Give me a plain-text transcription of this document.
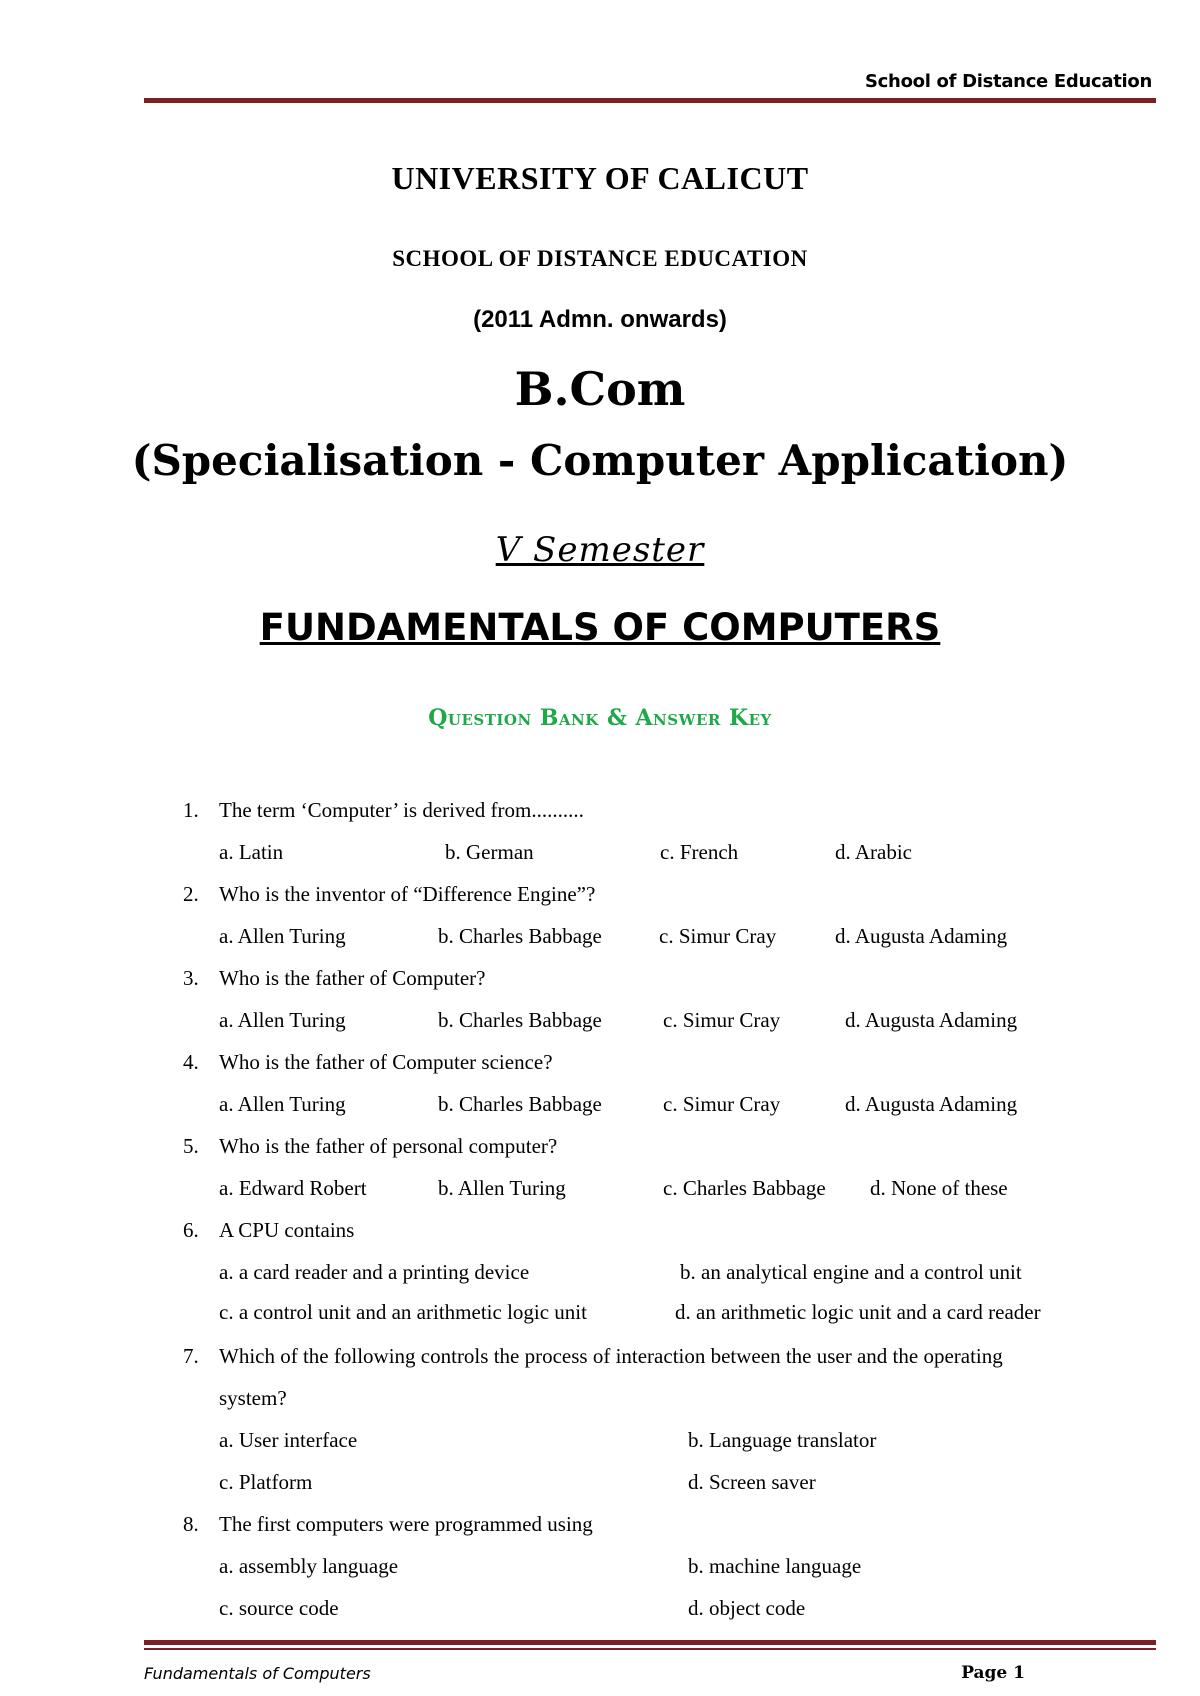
School of Distance Education
UNIVERSITY OF CALICUT
SCHOOL OF DISTANCE EDUCATION
(2011 Admn. onwards)
B.Com
(Specialisation - Computer Application)
V Semester
FUNDAMENTALS OF COMPUTERS
Question Bank & Answer Key
1. The term ‘Computer’ is derived from..........
a. Latin	b. German	c. French	d. Arabic
2. Who is the inventor of “Difference Engine”?
a. Allen Turing	b. Charles Babbage	c. Simur Cray	d. Augusta Adaming
3. Who is the father of Computer?
a. Allen Turing	b. Charles Babbage	c. Simur Cray	d. Augusta Adaming
4. Who is the father of Computer science?
a. Allen Turing	b. Charles Babbage	c. Simur Cray	d. Augusta Adaming
5. Who is the father of personal computer?
a. Edward Robert	b. Allen Turing	c. Charles Babbage d. None of these
6. A CPU contains
a. a card reader and a printing device	b. an analytical engine and a control unit
c. a control unit and an arithmetic logic unit	d. an arithmetic logic unit and a card reader
7. Which of the following controls the process of interaction between the user and the operating
system?
a. User interface	b. Language translator
c. Platform	d. Screen saver
8. The first computers were programmed using
a. assembly language	b. machine language
c. source code	d. object code
Fundamentals of Computers	Page 1
